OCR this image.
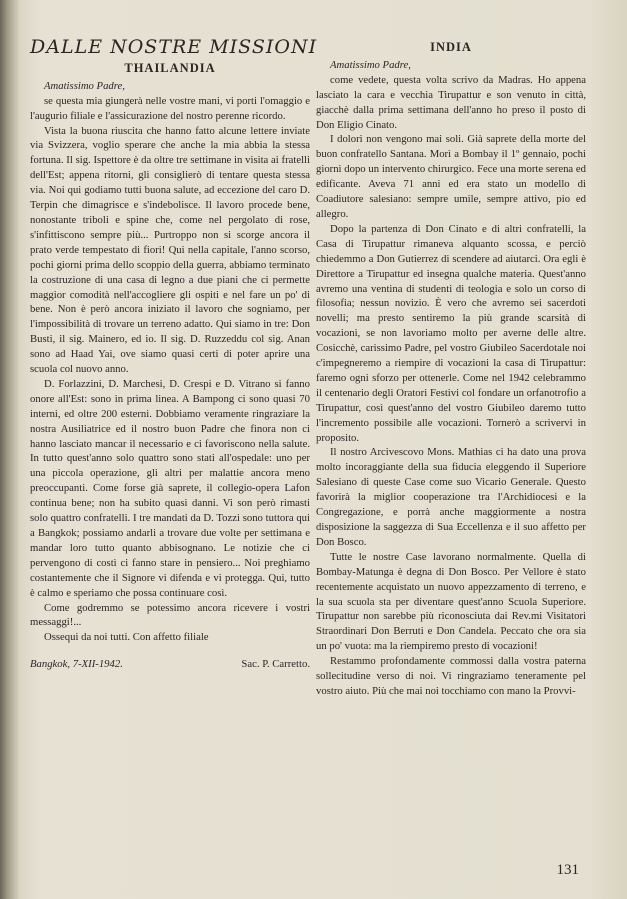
DALLE NOSTRE MISSIONI
THAILANDIA

Amatissimo Padre,

se questa mia giungerà nelle vostre mani, vi porti l'omaggio e l'augurio filiale e l'assicurazione del nostro perenne ricordo.

Vista la buona riuscita che hanno fatto alcune lettere inviate via Svizzera, voglio sperare che anche la mia abbia la stessa fortuna. Il sig. Ispettore è da oltre tre settimane in visita ai fratelli dell'Est; appena ritorni, gli consiglierò di tentare questa stessa via. Noi qui godiamo tutti buona salute, ad eccezione del caro D. Terpin che dimagrisce e s'indebolisce. Il lavoro procede bene, nonostante triboli e spine che, come nel pergolato di rose, s'infittiscono sempre più... Purtroppo non si scorge ancora il prato verde tempestato di fiori! Qui nella capitale, l'anno scorso, pochi giorni prima dello scoppio della guerra, abbiamo terminato la costruzione di una casa di legno a due piani che ci permette maggior comodità nell'accogliere gli ospiti e nel fare un po' di bene. Non è però ancora iniziato il lavoro che sogniamo, per l'impossibilità di trovare un terreno adatto. Qui siamo in tre: Don Busti, il sig. Mainero, ed io. Il sig. D. Ruzzeddu col sig. Anan sono ad Haad Yai, ove siamo quasi certi di poter aprire una scuola col nuovo anno.

D. Forlazzini, D. Marchesi, D. Crespi e D. Vitrano si fanno onore all'Est: sono in prima linea. A Bampong ci sono quasi 70 interni, ed oltre 200 esterni. Dobbiamo veramente ringraziare la nostra Ausiliatrice ed il nostro buon Padre che finora non ci hanno lasciato mancar il necessario e ci favoriscono nella salute. In tutto quest'anno solo quattro sono stati all'ospedale: uno per una piccola operazione, gli altri per malattie ancora meno preoccupanti. Come forse già saprete, il collegio-opera Lafon continua bene; non ha subito quasi danni. Vi son però rimasti solo quattro confratelli. I tre mandati da D. Tozzi sono tuttora qui a Bangkok; possiamo andarli a trovare due volte per settimana e mandar loro tutto quanto abbisognano. Le notizie che ci pervengono di costì ci fanno stare in pensiero... Noi preghiamo costantemente che il Signore vi difenda e vi protegga. Qui, tutto è calmo e speriamo che possa continuare così.

Come godremmo se potessimo ancora ricevere i vostri messaggi!...

Ossequi da noi tutti. Con affetto filiale

Bangkok, 7-XII-1942.	Sac. P. Carretto.
INDIA

Amatissimo Padre,

come vedete, questa volta scrivo da Madras. Ho appena lasciato la cara e vecchia Tirupattur e son venuto in città, giacchè dalla prima settimana dell'anno ho preso il posto di Don Eligio Cinato.

I dolori non vengono mai soli. Già saprete della morte del buon confratello Santana. Morì a Bombay il 1º gennaio, pochi giorni dopo un intervento chirurgico. Fece una morte serena ed edificante. Aveva 71 anni ed era stato un modello di Coadiutore salesiano: sempre umile, sempre attivo, pio ed allegro.

Dopo la partenza di Don Cinato e di altri confratelli, la Casa di Tirupattur rimaneva alquanto scossa, e perciò chiedemmo a Don Gutierrez di scendere ad aiutarci. Ora egli è Direttore a Tirupattur ed insegna qualche materia. Quest'anno avremo una ventina di studenti di teologia e solo un corso di filosofia; nessun novizio. È vero che avremo sei sacerdoti novelli; ma presto sentiremo la più grande scarsità di vocazioni, se non lavoriamo molto per averne delle altre. Cosicchè, carissimo Padre, pel vostro Giubileo Sacerdotale noi c'impegneremo a riempire di vocazioni la casa di Tirupattur: faremo ogni sforzo per ottenerle. Come nel 1942 celebrammo il centenario degli Oratori Festivi col fondare un orfanotrofio a Tirupattur, così quest'anno del vostro Giubileo daremo tutto l'incremento possibile alle vocazioni. Tornerò a scrivervi in proposito.

Il nostro Arcivescovo Mons. Mathias ci ha dato una prova molto incoraggiante della sua fiducia eleggendo il Superiore Salesiano di queste Case come suo Vicario Generale. Questo favorirà la miglior cooperazione tra l'Archidiocesi e la Congregazione, e porrà anche maggiormente a nostra disposizione la saggezza di Sua Eccellenza e il suo affetto per Don Bosco.

Tutte le nostre Case lavorano normalmente. Quella di Bombay-Matunga è degna di Don Bosco. Per Vellore è stato recentemente acquistato un nuovo appezzamento di terreno, e la sua scuola sta per diventare quest'anno Scuola Superiore. Tirupattur non sarebbe più riconosciuta dai Rev.mi Visitatori Straordinari Don Berruti e Don Candela. Peccato che ora sia un po' vuota: ma la riempiremo presto di vocazioni!

Restammo profondamente commossi dalla vostra paterna sollecitudine verso di noi. Vi ringraziamo teneramente pel vostro aiuto. Più che mai noi tocchiamo con mano la Provvi-

131
